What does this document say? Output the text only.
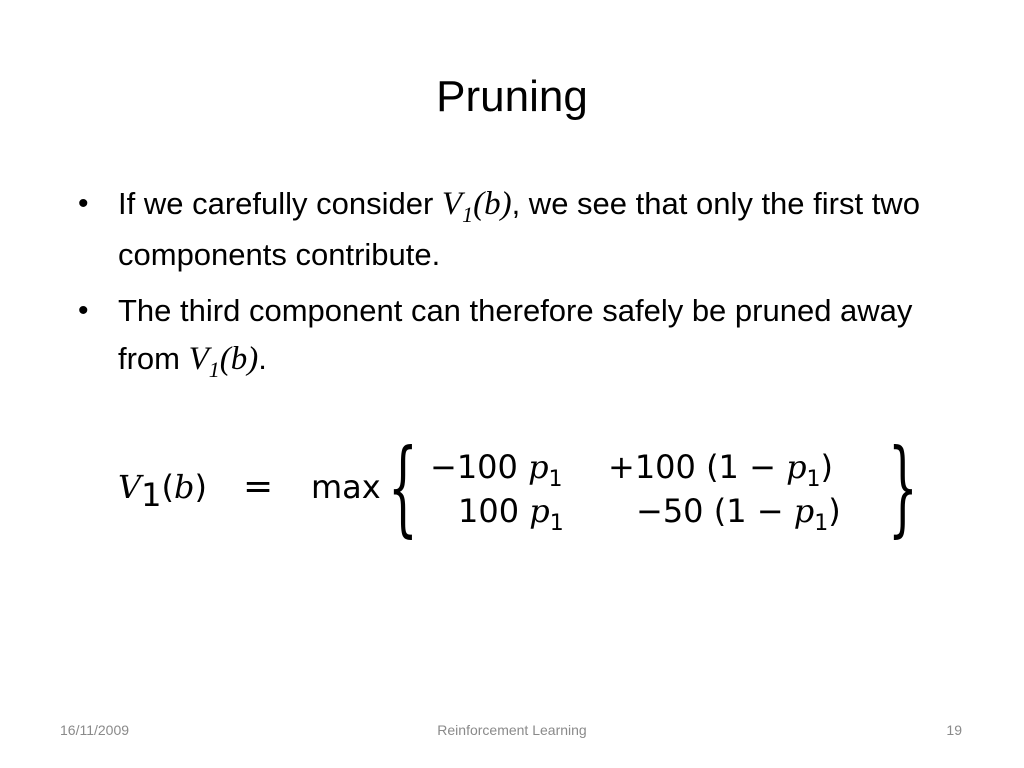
Pruning
• If we carefully consider $V_1(b)$, we see that only the first two components contribute.
• The third component can therefore safely be pruned away from $V_1(b)$.
V1(b) = max { −100 $p_1 +100$ $(1 - p_1)$
100 $p_1 -50$ $(1 - p_1)$ }
16/11/2009	Reinforcement Learning	19
